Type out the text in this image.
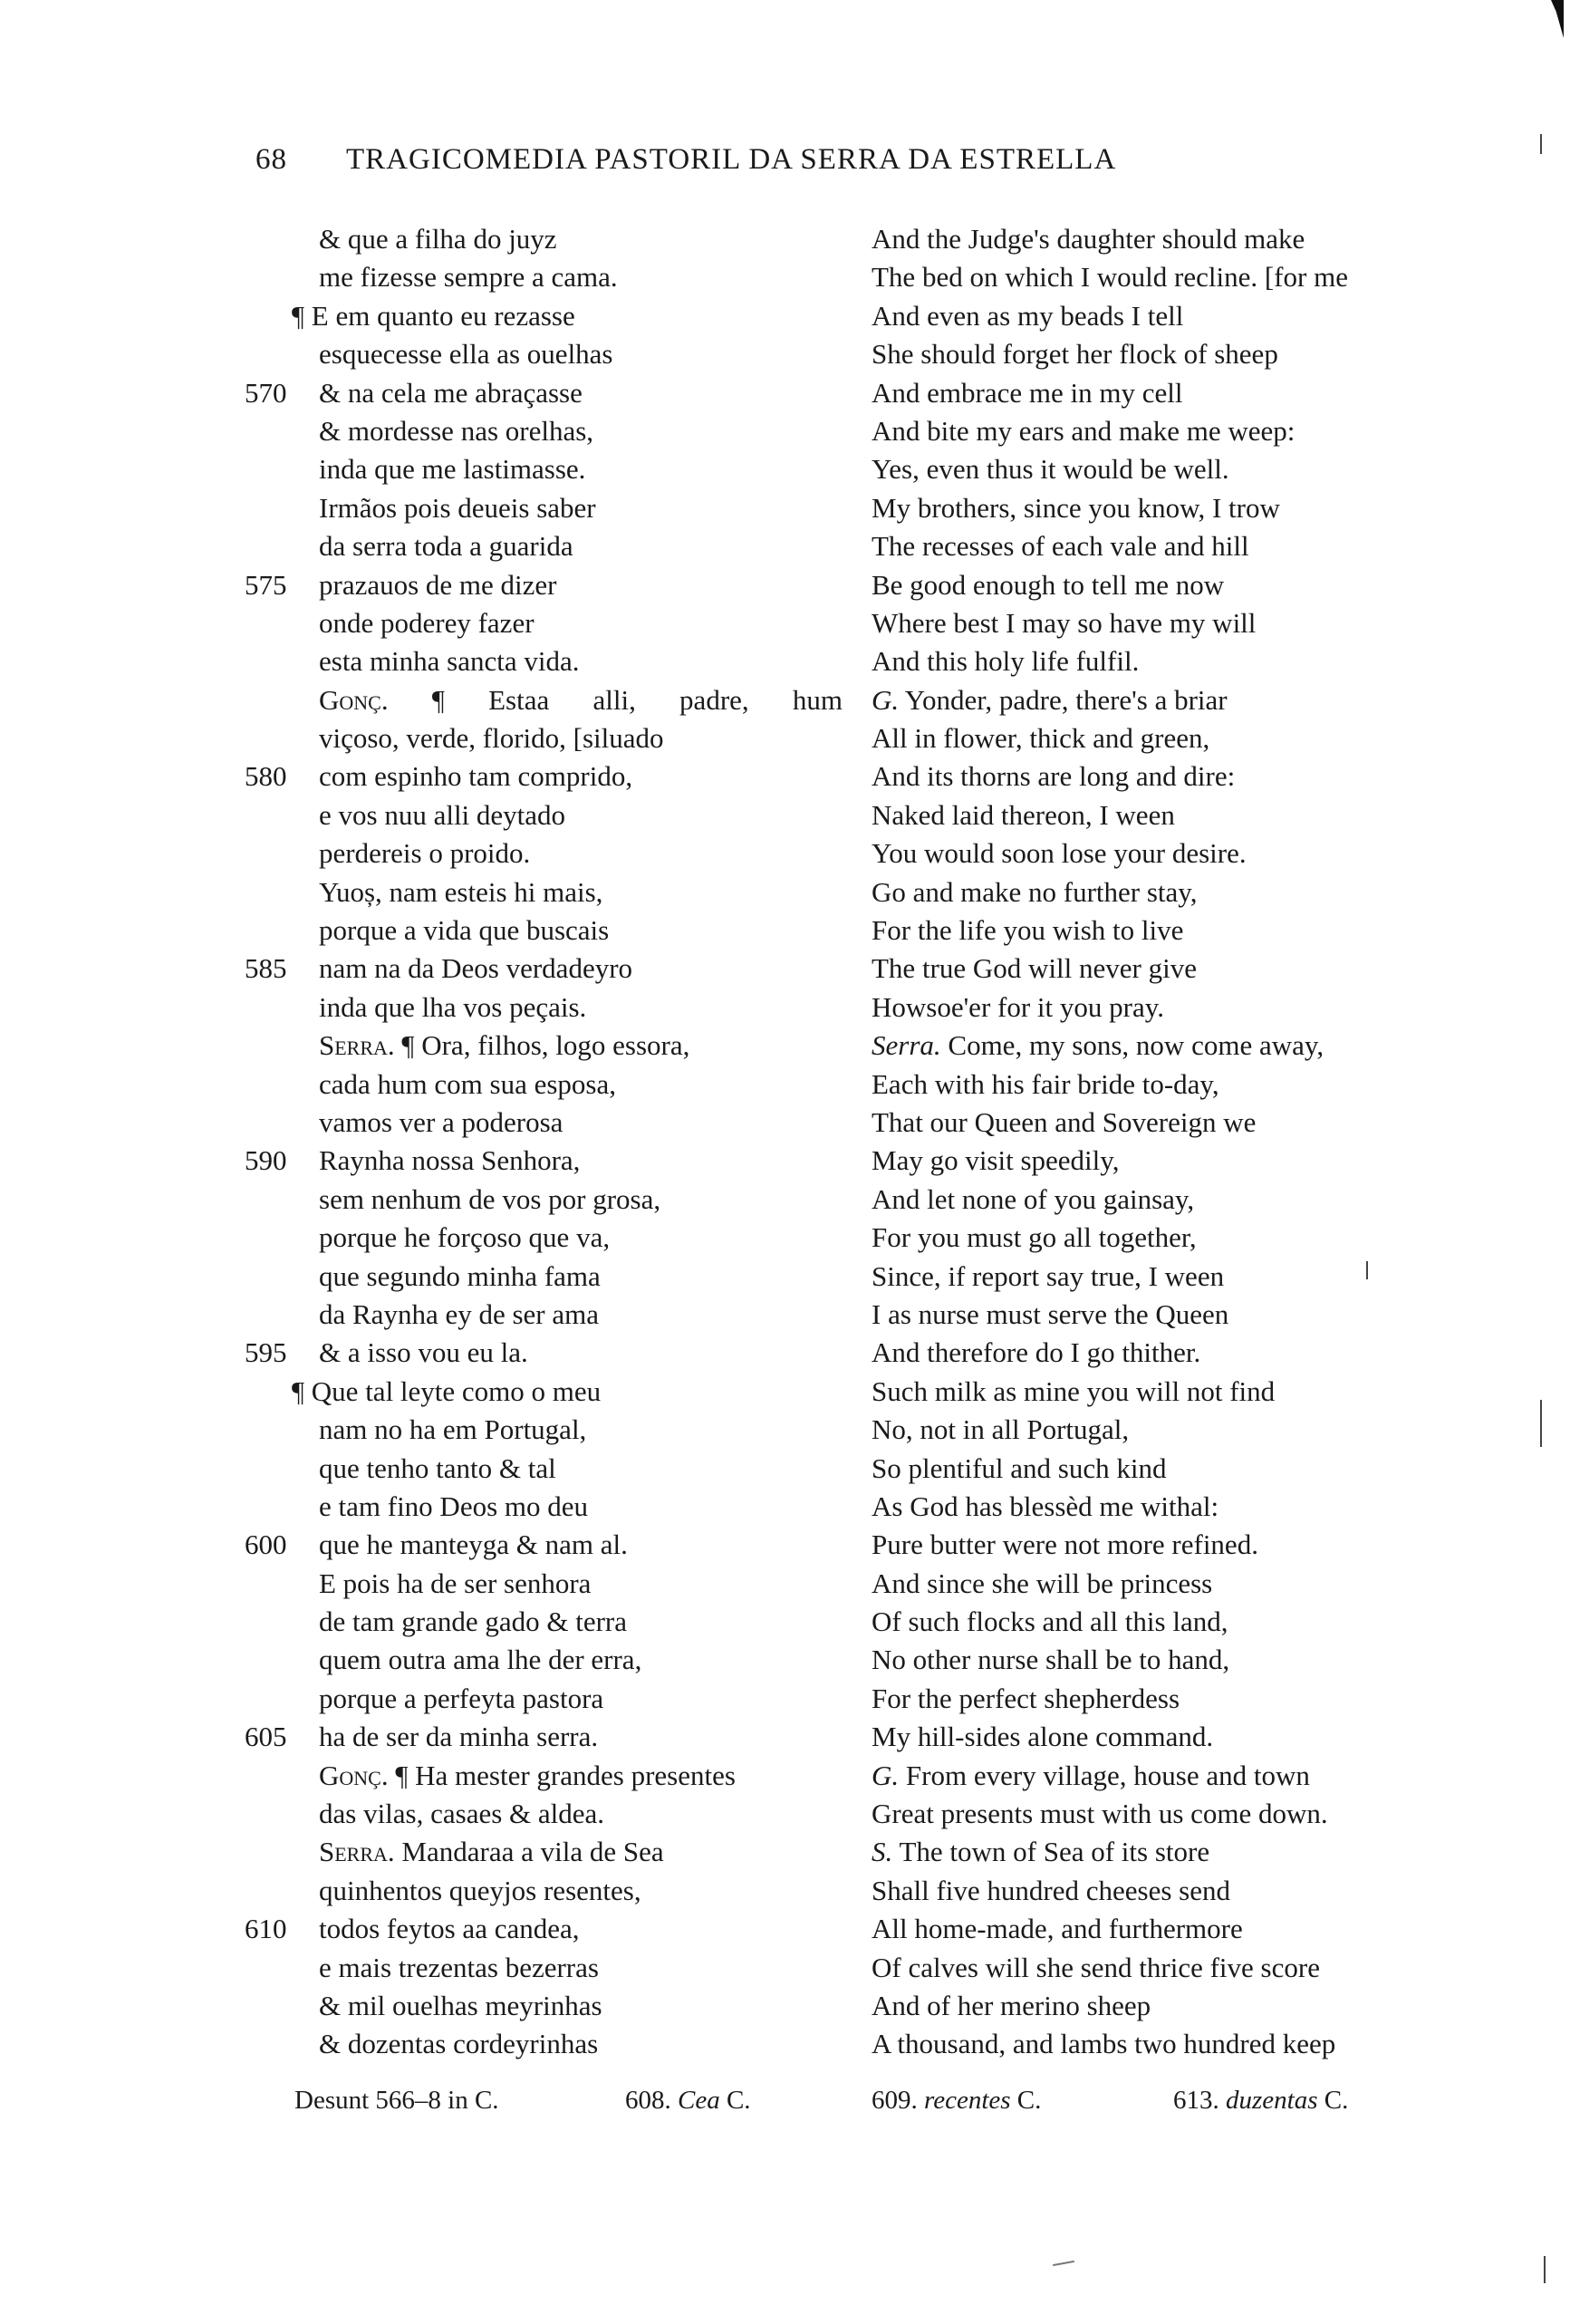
68 TRAGICOMEDIA PASTORIL DA SERRA DA ESTRELLA
& que a filha do juyz
me fizesse sempre a cama.
¶ E em quanto eu rezasse
esquecesse ella as ouelhas
570	& na cela me abraçasse
& mordesse nas orelhas,
inda que me lastimasse.
Irmãos pois deueis saber
da serra toda a guarida
575	prazauos de me dizer
onde poderey fazer
esta minha sancta vida.
Gonç. ¶ Estaa alli, padre, hum
viçoso, verde, florido, [siluado
580	com espinho tam comprido,
e vos nuu alli deytado
perdereis o proido.
Yuoș, nam esteis hi mais,
porque a vida que buscais
585	nam na da Deos verdadeyro
inda que lha vos peçais.
Serra. ¶ Ora, filhos, logo essora,
cada hum com sua esposa,
vamos ver a poderosa
590	Raynha nossa Senhora,
sem nenhum de vos por grosa,
porque he forçoso que va,
que segundo minha fama
da Raynha ey de ser ama
595	& a isso vou eu la.
¶ Que tal leyte como o meu
nam no ha em Portugal,
que tenho tanto & tal
e tam fino Deos mo deu
600	que he manteyga & nam al.
E pois ha de ser senhora
de tam grande gado & terra
quem outra ama lhe der erra,
porque a perfeyta pastora
605	ha de ser da minha serra.
Gonç. ¶ Ha mester grandes presentes
das vilas, casaes & aldea.
Serra. Mandaraa a vila de Sea
quinhentos queyjos resentes,
610	todos feytos aa candea,
e mais trezentas bezerras
& mil ouelhas meyrinhas
& dozentas cordeyrinhas
And the Judge's daughter should make
The bed on which I would recline. [for me
And even as my beads I tell
She should forget her flock of sheep
And embrace me in my cell
And bite my ears and make me weep:
Yes, even thus it would be well.
My brothers, since you know, I trow
The recesses of each vale and hill
Be good enough to tell me now
Where best I may so have my will
And this holy life fulfil.
G. Yonder, padre, there's a briar
All in flower, thick and green,
And its thorns are long and dire:
Naked laid thereon, I ween
You would soon lose your desire.
Go and make no further stay,
For the life you wish to live
The true God will never give
Howsoe'er for it you pray.
Serra. Come, my sons, now come away,
Each with his fair bride to-day,
That our Queen and Sovereign we
May go visit speedily,
And let none of you gainsay,
For you must go all together,
Since, if report say true, I ween
I as nurse must serve the Queen
And therefore do I go thither.
Such milk as mine you will not find
No, not in all Portugal,
So plentiful and such kind
As God has blessèd me withal:
Pure butter were not more refined.
And since she will be princess
Of such flocks and all this land,
No other nurse shall be to hand,
For the perfect shepherdess
My hill-sides alone command.
G. From every village, house and town
Great presents must with us come down.
S. The town of Sea of its store
Shall five hundred cheeses send
All home-made, and furthermore
Of calves will she send thrice five score
And of her merino sheep
A thousand, and lambs two hundred keep
Desunt 566–8 in C.	608. Cea C.	609. recentes C.	613. duzentas C.
